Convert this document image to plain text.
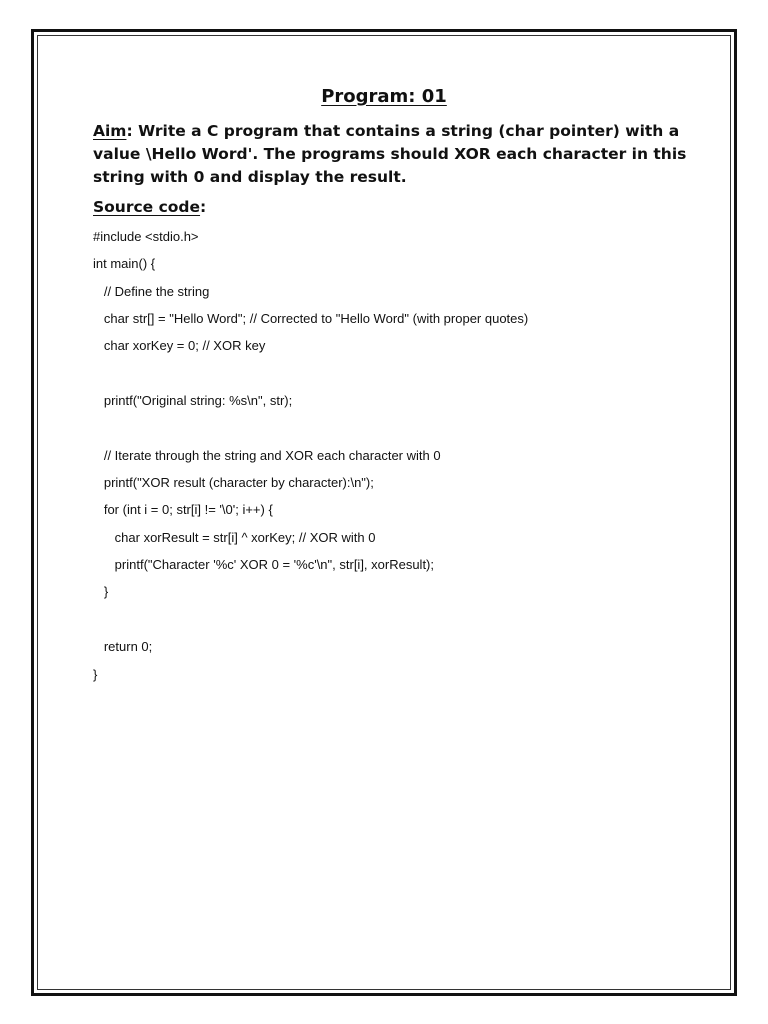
Program: 01
Aim: Write a C program that contains a string (char pointer) with a value \Hello Word'. The programs should XOR each character in this string with 0 and display the result.
Source code:
#include <stdio.h>
int main() {
// Define the string
char str[] = "Hello Word"; // Corrected to "Hello Word" (with proper quotes)
char xorKey = 0; // XOR key
printf("Original string: %s\n", str);
// Iterate through the string and XOR each character with 0
printf("XOR result (character by character):\n");
for (int i = 0; str[i] != '\0'; i++) {
char xorResult = str[i] ^ xorKey; // XOR with 0
printf("Character '%c' XOR 0 = '%c'\n", str[i], xorResult);
}
return 0;
}
